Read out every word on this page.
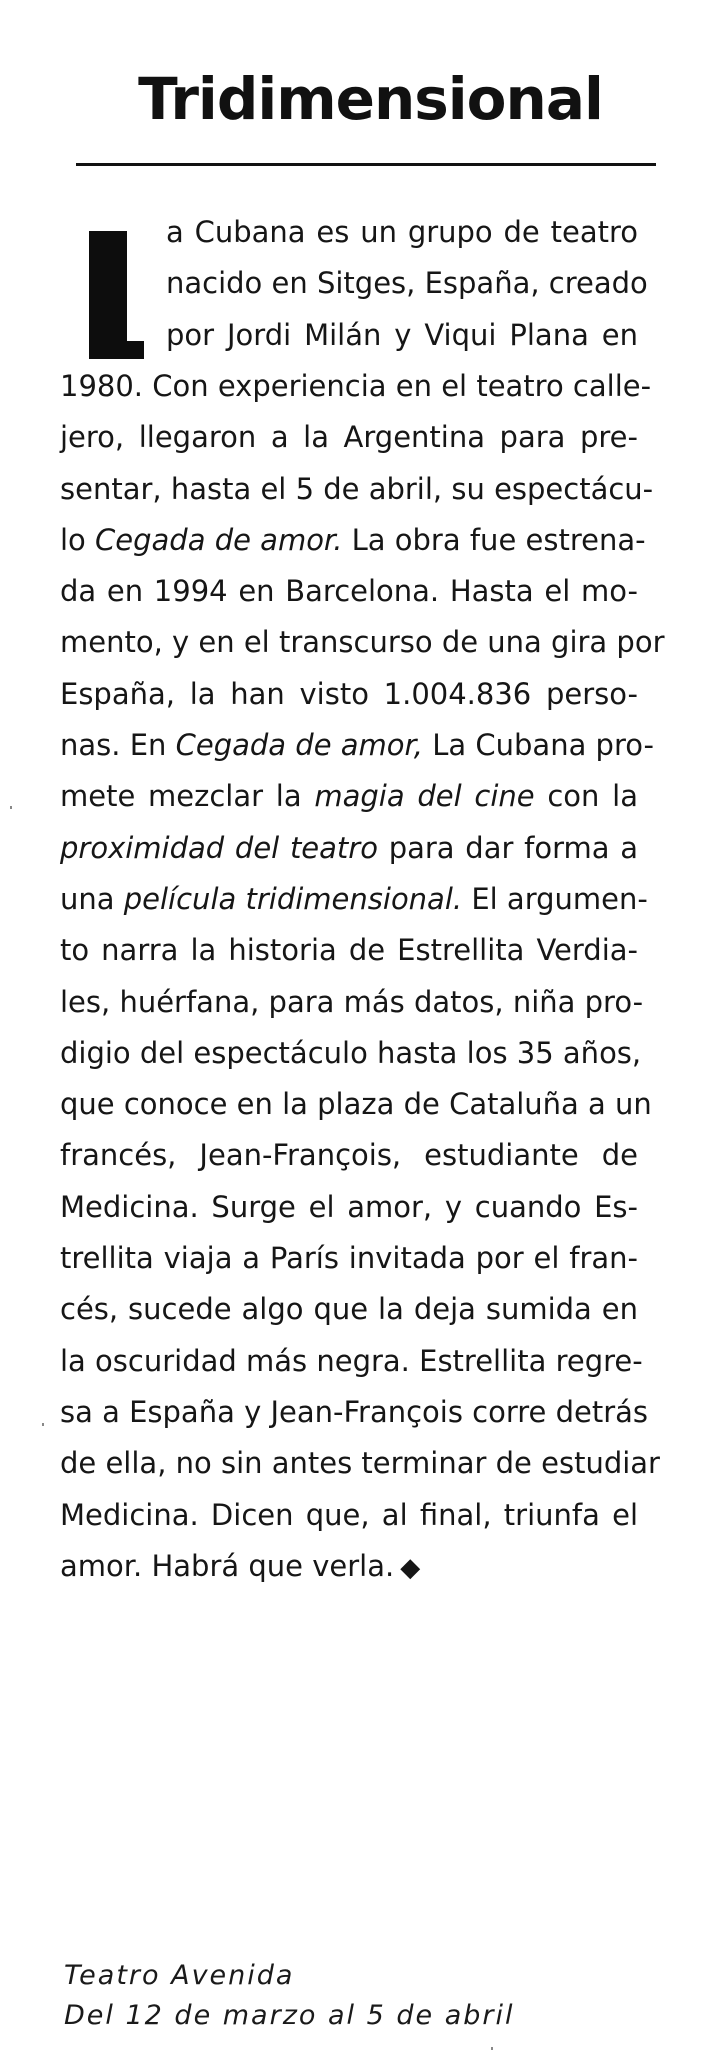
Tridimensional
a Cubana es un grupo de teatro
nacido en Sitges, España, creado
por Jordi Milán y Viqui Plana en
1980. Con experiencia en el teatro calle-
jero, llegaron a la Argentina para pre-
sentar, hasta el 5 de abril, su espectácu-
lo Cegada de amor. La obra fue estrena-
da en 1994 en Barcelona. Hasta el mo-
mento, y en el transcurso de una gira por
España, la han visto 1.004.836 perso-
nas. En Cegada de amor, La Cubana pro-
mete mezclar la magia del cine con la
proximidad del teatro para dar forma a
una película tridimensional. El argumen-
to narra la historia de Estrellita Verdia-
les, huérfana, para más datos, niña pro-
digio del espectáculo hasta los 35 años,
que conoce en la plaza de Cataluña a un
francés, Jean-François, estudiante de
Medicina. Surge el amor, y cuando Es-
trellita viaja a París invitada por el fran-
cés, sucede algo que la deja sumida en
la oscuridad más negra. Estrellita regre-
sa a España y Jean-François corre detrás
de ella, no sin antes terminar de estudiar
Medicina. Dicen que, al final, triunfa el
amor. Habrá que verla. ◆
Teatro Avenida
Del 12 de marzo al 5 de abril
